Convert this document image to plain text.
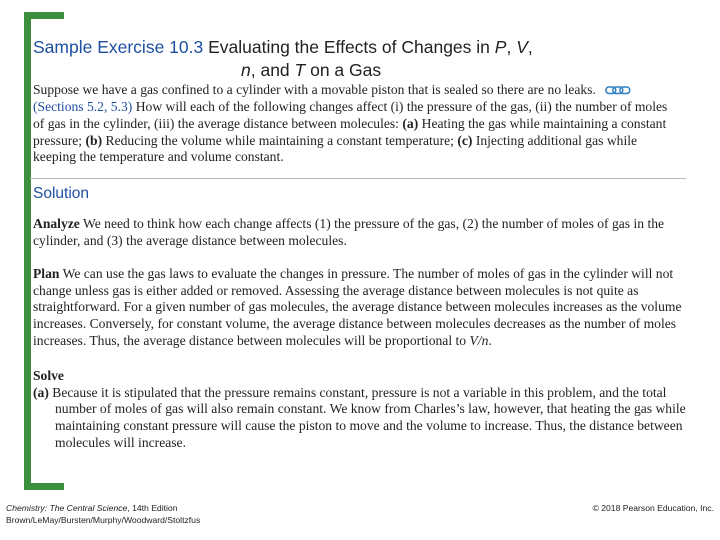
Sample Exercise 10.3 Evaluating the Effects of Changes in P, V,
n, and T on a Gas
Suppose we have a gas confined to a cylinder with a movable piston that is sealed so there are no leaks.  (Sections 5.2, 5.3) How will each of the following changes affect (i) the pressure of the gas, (ii) the number of moles of gas in the cylinder, (iii) the average distance between molecules: (a) Heating the gas while maintaining a constant pressure; (b) Reducing the volume while maintaining a constant temperature; (c) Injecting additional gas while keeping the temperature and volume constant.
Solution
Analyze We need to think how each change affects (1) the pressure of the gas, (2) the number of moles of gas in the cylinder, and (3) the average distance between molecules.
Plan We can use the gas laws to evaluate the changes in pressure. The number of moles of gas in the cylinder will not change unless gas is either added or removed. Assessing the average distance between molecules is not quite as straightforward. For a given number of gas molecules, the average distance between molecules increases as the volume increases. Conversely, for constant volume, the average distance between molecules decreases as the number of moles increases. Thus, the average distance between molecules will be proportional to V/n.
Solve
(a) Because it is stipulated that the pressure remains constant, pressure is not a variable in this problem, and the total number of moles of gas will also remain constant. We know from Charles’s law, however, that heating the gas while maintaining constant pressure will cause the piston to move and the volume to increase. Thus, the distance between molecules will increase.
Chemistry: The Central Science, 14th Edition
Brown/LeMay/Bursten/Murphy/Woodward/Stoltzfus
© 2018 Pearson Education, Inc.
